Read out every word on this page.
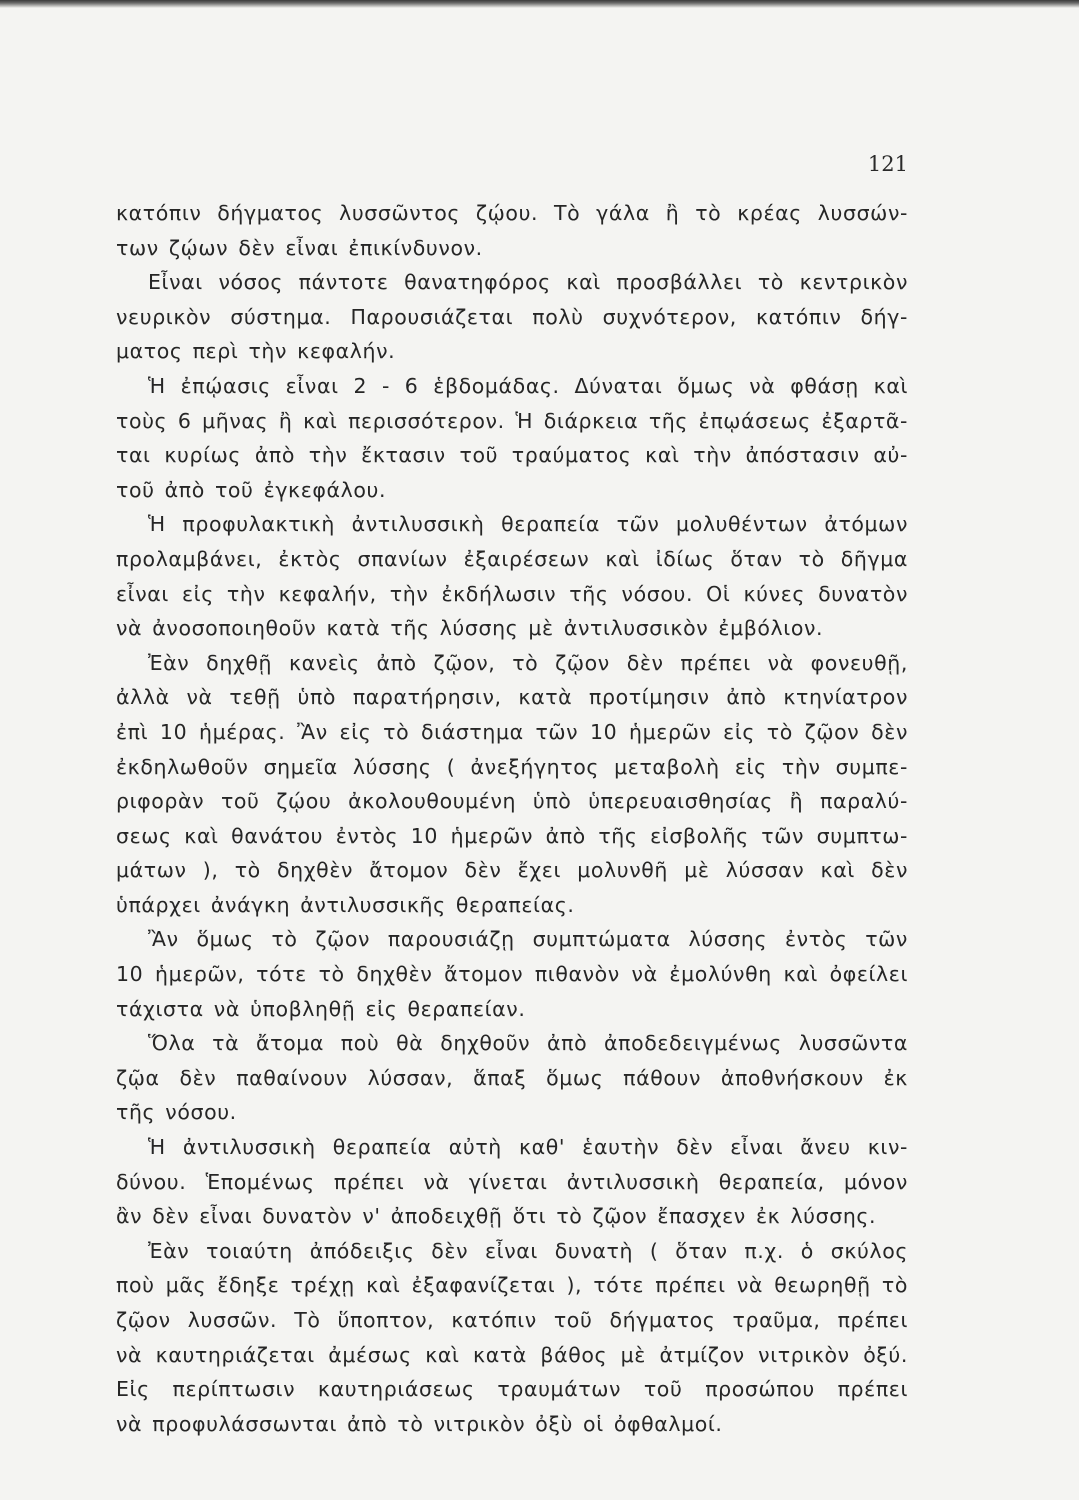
121
κατόπιν δήγματος λυσσῶντος ζῴου. Τὸ γάλα ἢ τὸ κρέας λυσσών-
των ζῴων δὲν εἶναι ἐπικίνδυνον.
Εἶναι νόσος πάντοτε θανατηφόρος καὶ προσβάλλει τὸ κεντρικὸν
νευρικὸν σύστημα. Παρουσιάζεται πολὺ συχνότερον, κατόπιν δήγ-
ματος περὶ τὴν κεφαλήν.
Ἡ ἐπῴασις εἶναι 2 - 6 ἑβδομάδας. Δύναται ὅμως νὰ φθάσῃ καὶ
τοὺς 6 μῆνας ἢ καὶ περισσότερον. Ἡ διάρκεια τῆς ἐπῳάσεως ἐξαρτᾶ-
ται κυρίως ἀπὸ τὴν ἔκτασιν τοῦ τραύματος καὶ τὴν ἀπόστασιν αὐ-
τοῦ ἀπὸ τοῦ ἐγκεφάλου.
Ἡ προφυλακτικὴ ἀντιλυσσικὴ θεραπεία τῶν μολυθέντων ἀτόμων
προλαμβάνει, ἐκτὸς σπανίων ἐξαιρέσεων καὶ ἰδίως ὅταν τὸ δῆγμα
εἶναι εἰς τὴν κεφαλήν, τὴν ἐκδήλωσιν τῆς νόσου. Οἱ κύνες δυνατὸν
νὰ ἀνοσοποιηθοῦν κατὰ τῆς λύσσης μὲ ἀντιλυσσικὸν ἐμβόλιον.
Ἐὰν δηχθῇ κανεὶς ἀπὸ ζῷον, τὸ ζῷον δὲν πρέπει νὰ φονευθῇ,
ἀλλὰ νὰ τεθῇ ὑπὸ παρατήρησιν, κατὰ προτίμησιν ἀπὸ κτηνίατρον
ἐπὶ 10 ἡμέρας. Ἂν εἰς τὸ διάστημα τῶν 10 ἡμερῶν εἰς τὸ ζῷον δὲν
ἐκδηλωθοῦν σημεῖα λύσσης ( ἀνεξήγητος μεταβολὴ εἰς τὴν συμπε-
ριφορὰν τοῦ ζῴου ἀκολουθουμένη ὑπὸ ὑπερευαισθησίας ἢ παραλύ-
σεως καὶ θανάτου ἐντὸς 10 ἡμερῶν ἀπὸ τῆς εἰσβολῆς τῶν συμπτω-
μάτων ), τὸ δηχθὲν ἄτομον δὲν ἔχει μολυνθῆ μὲ λύσσαν καὶ δὲν
ὑπάρχει ἀνάγκη ἀντιλυσσικῆς θεραπείας.
Ἂν ὅμως τὸ ζῷον παρουσιάζῃ συμπτώματα λύσσης ἐντὸς τῶν
10 ἡμερῶν, τότε τὸ δηχθὲν ἄτομον πιθανὸν νὰ ἐμολύνθη καὶ ὀφείλει
τάχιστα νὰ ὑποβληθῇ εἰς θεραπείαν.
Ὅλα τὰ ἄτομα ποὺ θὰ δηχθοῦν ἀπὸ ἀποδεδειγμένως λυσσῶντα
ζῷα δὲν παθαίνουν λύσσαν, ἅπαξ ὅμως πάθουν ἀποθνήσκουν ἐκ
τῆς νόσου.
Ἡ ἀντιλυσσικὴ θεραπεία αὐτὴ καθ' ἑαυτὴν δὲν εἶναι ἄνευ κιν-
δύνου. Ἑπομένως πρέπει νὰ γίνεται ἀντιλυσσικὴ θεραπεία, μόνον
ἂν δὲν εἶναι δυνατὸν ν' ἀποδειχθῇ ὅτι τὸ ζῷον ἔπασχεν ἐκ λύσσης.
Ἐὰν τοιαύτη ἀπόδειξις δὲν εἶναι δυνατὴ ( ὅταν π.χ. ὁ σκύλος
ποὺ μᾶς ἔδηξε τρέχῃ καὶ ἐξαφανίζεται ), τότε πρέπει νὰ θεωρηθῇ τὸ
ζῷον λυσσῶν. Τὸ ὕποπτον, κατόπιν τοῦ δήγματος τραῦμα, πρέπει
νὰ καυτηριάζεται ἀμέσως καὶ κατὰ βάθος μὲ ἀτμίζον νιτρικὸν ὀξύ.
Εἰς περίπτωσιν καυτηριάσεως τραυμάτων τοῦ προσώπου πρέπει
νὰ προφυλάσσωνται ἀπὸ τὸ νιτρικὸν ὀξὺ οἱ ὀφθαλμοί.
